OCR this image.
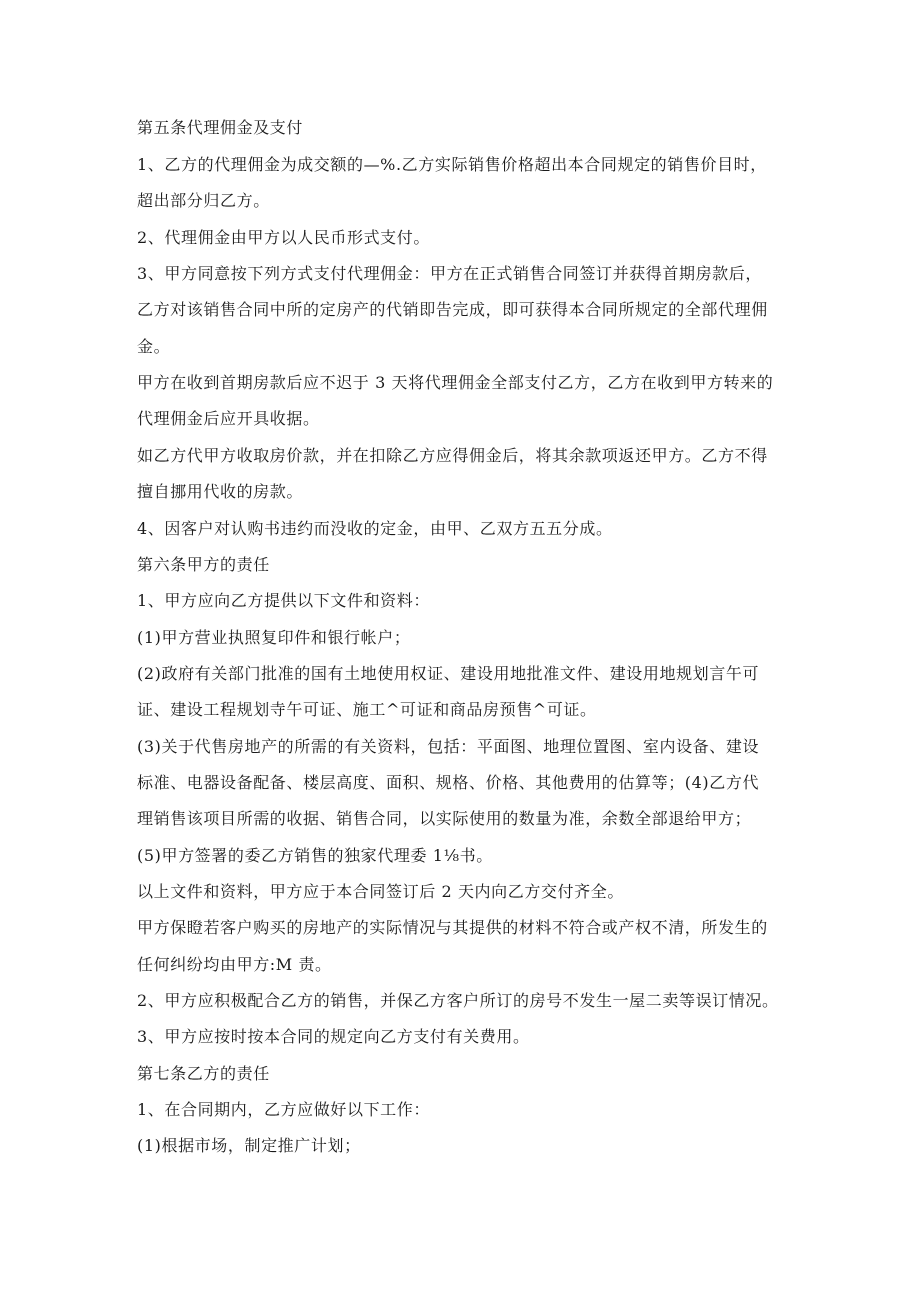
第五条代理佣金及支付
1、乙方的代理佣金为成交额的—%.乙方实际销售价格超出本合同规定的销售价目时，
超出部分归乙方。
2、代理佣金由甲方以人民币形式支付。
3、甲方同意按下列方式支付代理佣金：甲方在正式销售合同签订并获得首期房款后，
乙方对该销售合同中所的定房产的代销即告完成，即可获得本合同所规定的全部代理佣
金。
甲方在收到首期房款后应不迟于 3 天将代理佣金全部支付乙方，乙方在收到甲方转来的
代理佣金后应开具收据。
如乙方代甲方收取房价款，并在扣除乙方应得佣金后，将其余款项返还甲方。乙方不得
擅自挪用代收的房款。
4、因客户对认购书违约而没收的定金，由甲、乙双方五五分成。
第六条甲方的责任
1、甲方应向乙方提供以下文件和资料：
(1)甲方营业执照复印件和银行帐户；
(2)政府有关部门批准的国有土地使用权证、建设用地批准文件、建设用地规划言午可
证、建设工程规划寺午可证、施工^可证和商品房预售^可证。
(3)关于代售房地产的所需的有关资料，包括：平面图、地理位置图、室内设备、建设
标准、电器设备配备、楼层高度、面积、规格、价格、其他费用的估算等；(4)乙方代
理销售该项目所需的收据、销售合同，以实际使用的数量为准，余数全部退给甲方；
(5)甲方签署的委乙方销售的独家代理委 1⅛书。
以上文件和资料，甲方应于本合同签订后 2 天内向乙方交付齐全。
甲方保瞪若客户购买的房地产的实际情况与其提供的材料不符合或产权不清，所发生的
任何纠纷均由甲方:M 责。
2、甲方应积极配合乙方的销售，并保乙方客户所订的房号不发生一屋二卖等误订情况。
3、甲方应按时按本合同的规定向乙方支付有关费用。
第七条乙方的责任
1、在合同期内，乙方应做好以下工作：
(1)根据市场，制定推广计划；
